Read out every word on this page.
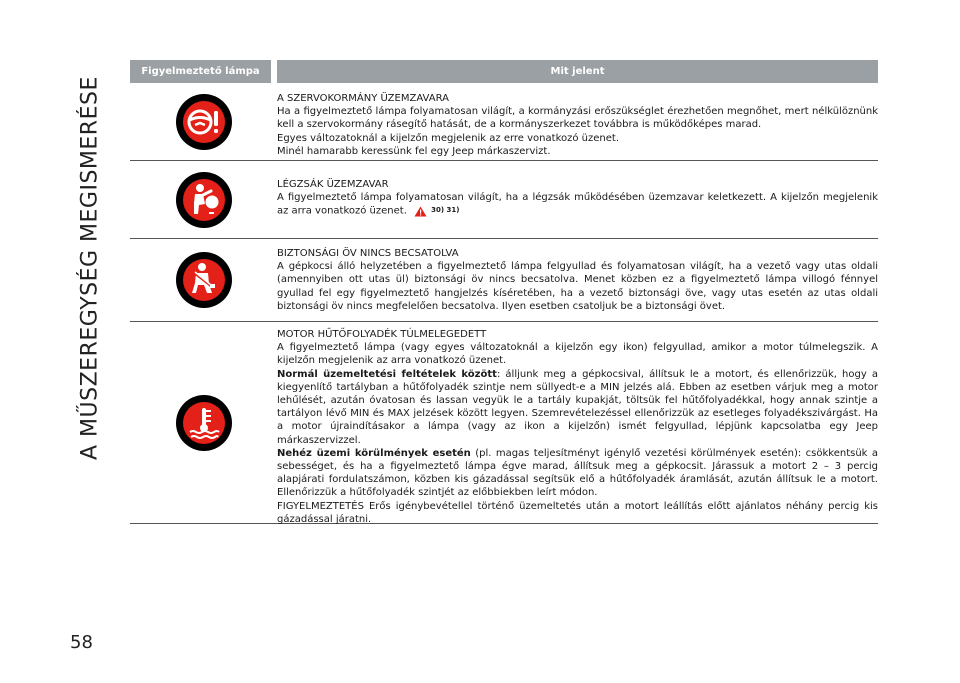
A MŰSZEREGYSÉG MEGISMERÉSE
58
Figyelmeztető lámpa	Mit jelent

A SZERVOKORMÁNY ÜZEMZAVARA

Ha a figyelmeztető lámpa folyamatosan világít, a kormányzási erőszükséglet érezhetően megnőhet, mert nélkülöznünk kell a szervokormány rásegítő hatását, de a kormányszerkezet továbbra is működőképes marad.

Egyes változatoknál a kijelzőn megjelenik az erre vonatkozó üzenet.

Minél hamarabb keressünk fel egy Jeep márkaszervizt.

LÉGZSÁK ÜZEMZAVAR

A figyelmeztető lámpa folyamatosan világít, ha a légzsák működésében üzemzavar keletkezett. A kijelzőn megjelenik az arra vonatkozó üzenet.	30) 31)

BIZTONSÁGI ÖV NINCS BECSATOLVA

A gépkocsi álló helyzetében a figyelmeztető lámpa felgyullad és folyamatosan világít, ha a vezető vagy utas oldali (amennyiben ott utas ül) biztonsági öv nincs becsatolva. Menet közben ez a figyelmeztető lámpa villogó fénnyel gyullad fel egy figyelmeztető hangjelzés kíséretében, ha a vezető biztonsági öve, vagy utas esetén az utas oldali biztonsági öv nincs megfelelően becsatolva. Ilyen esetben csatoljuk be a biztonsági övet.

MOTOR HŰTŐFOLYADÉK TÚLMELEGEDETT

A figyelmeztető lámpa (vagy egyes változatoknál a kijelzőn egy ikon) felgyullad, amikor a motor túlmelegszik. A kijelzőn megjelenik az arra vonatkozó üzenet.

Normál üzemeltetési feltételek között: álljunk meg a gépkocsival, állítsuk le a motort, és ellenőrizzük, hogy a kiegyenlítő tartályban a hűtőfolyadék szintje nem süllyedt-e a MIN jelzés alá. Ebben az esetben várjuk meg a motor lehűlését, azután óvatosan és lassan vegyük le a tartály kupakját, töltsük fel hűtőfolyadékkal, hogy annak szintje a tartályon lévő MIN és MAX jelzések között legyen. Szemrevételezéssel ellenőrizzük az esetleges folyadékszivárgást. Ha a motor újraindításakor a lámpa (vagy az ikon a kijelzőn) ismét felgyullad, lépjünk kapcsolatba egy Jeep márkaszervizzel.

Nehéz üzemi körülmények esetén (pl. magas teljesítményt igénylő vezetési körülmények esetén): csökkentsük a sebességet, és ha a figyelmeztető lámpa égve marad, állítsuk meg a gépkocsit. Járassuk a motort 2 – 3 percig alapjárati fordulatszámon, közben kis gázadással segítsük elő a hűtőfolyadék áramlását, azután állítsuk le a motort. Ellenőrizzük a hűtőfolyadék szintjét az előbbiekben leírt módon.

FIGYELMEZTETÉS Erős igénybevétellel történő üzemeltetés után a motort leállítás előtt ajánlatos néhány percig kis gázadással járatni.
